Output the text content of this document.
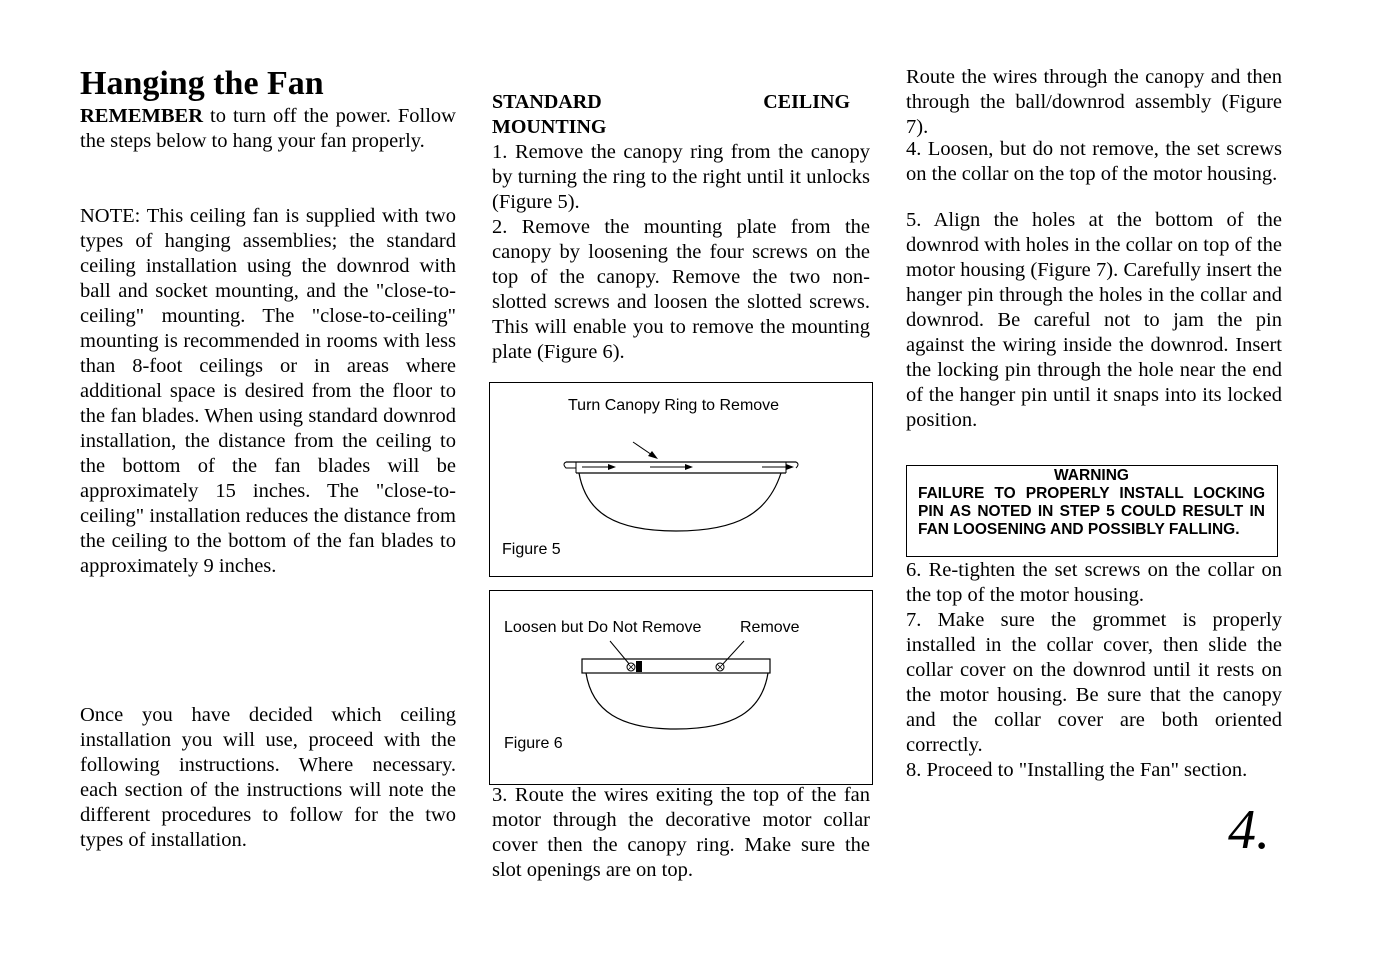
Hanging the Fan

REMEMBER to turn off the power. Follow the steps below to hang your fan properly.

NOTE: This ceiling fan is supplied with two types of hanging assemblies; the standard ceiling installation using the downrod with ball and socket mounting, and the "close-to-ceiling" mounting. The "close-to-ceiling" mounting is recommended in rooms with less than 8-foot ceilings or in areas where additional space is desired from the floor to the fan blades. When using standard downrod installation, the distance from the ceiling to the bottom of the fan blades will be approximately 15 inches. The "close-to-ceiling" installation reduces the distance from the ceiling to the bottom of the fan blades to approximately 9 inches.

Once you have decided which ceiling installation you will use, proceed with the following instructions. Where necessary. each section of the instructions will note the different procedures to follow for the two types of installation.

STANDARD CEILING
MOUNTING

1. Remove the canopy ring from the canopy by turning the ring to the right until it unlocks (Figure 5).

2. Remove the mounting plate from the canopy by loosening the four screws on the top of the canopy. Remove the two non-slotted screws and loosen the slotted screws. This will enable you to remove the mounting plate (Figure 6).

Turn Canopy Ring to Remove
Figure 5
Loosen but Do Not Remove Remove
Figure 6

3. Route the wires exiting the top of the fan motor through the decorative motor collar cover then the canopy ring. Make sure the slot openings are on top.

Route the wires through the canopy and then through the ball/downrod assembly (Figure 7).

4. Loosen, but do not remove, the set screws on the collar on the top of the motor housing.

5. Align the holes at the bottom of the downrod with holes in the collar on top of the motor housing (Figure 7). Carefully insert the hanger pin through the holes in the collar and downrod. Be careful not to jam the pin against the wiring inside the downrod. Insert the locking pin through the hole near the end of the hanger pin until it snaps into its locked position.

WARNING
FAILURE TO PROPERLY INSTALL LOCKING PIN AS NOTED IN STEP 5 COULD RESULT IN FAN LOOSENING AND POSSIBLY FALLING.

6. Re-tighten the set screws on the collar on the top of the motor housing.

7. Make sure the grommet is properly installed in the collar cover, then slide the collar cover on the downrod until it rests on the motor housing. Be sure that the canopy and the collar cover are both oriented correctly.

8. Proceed to "Installing the Fan" section.

4.
